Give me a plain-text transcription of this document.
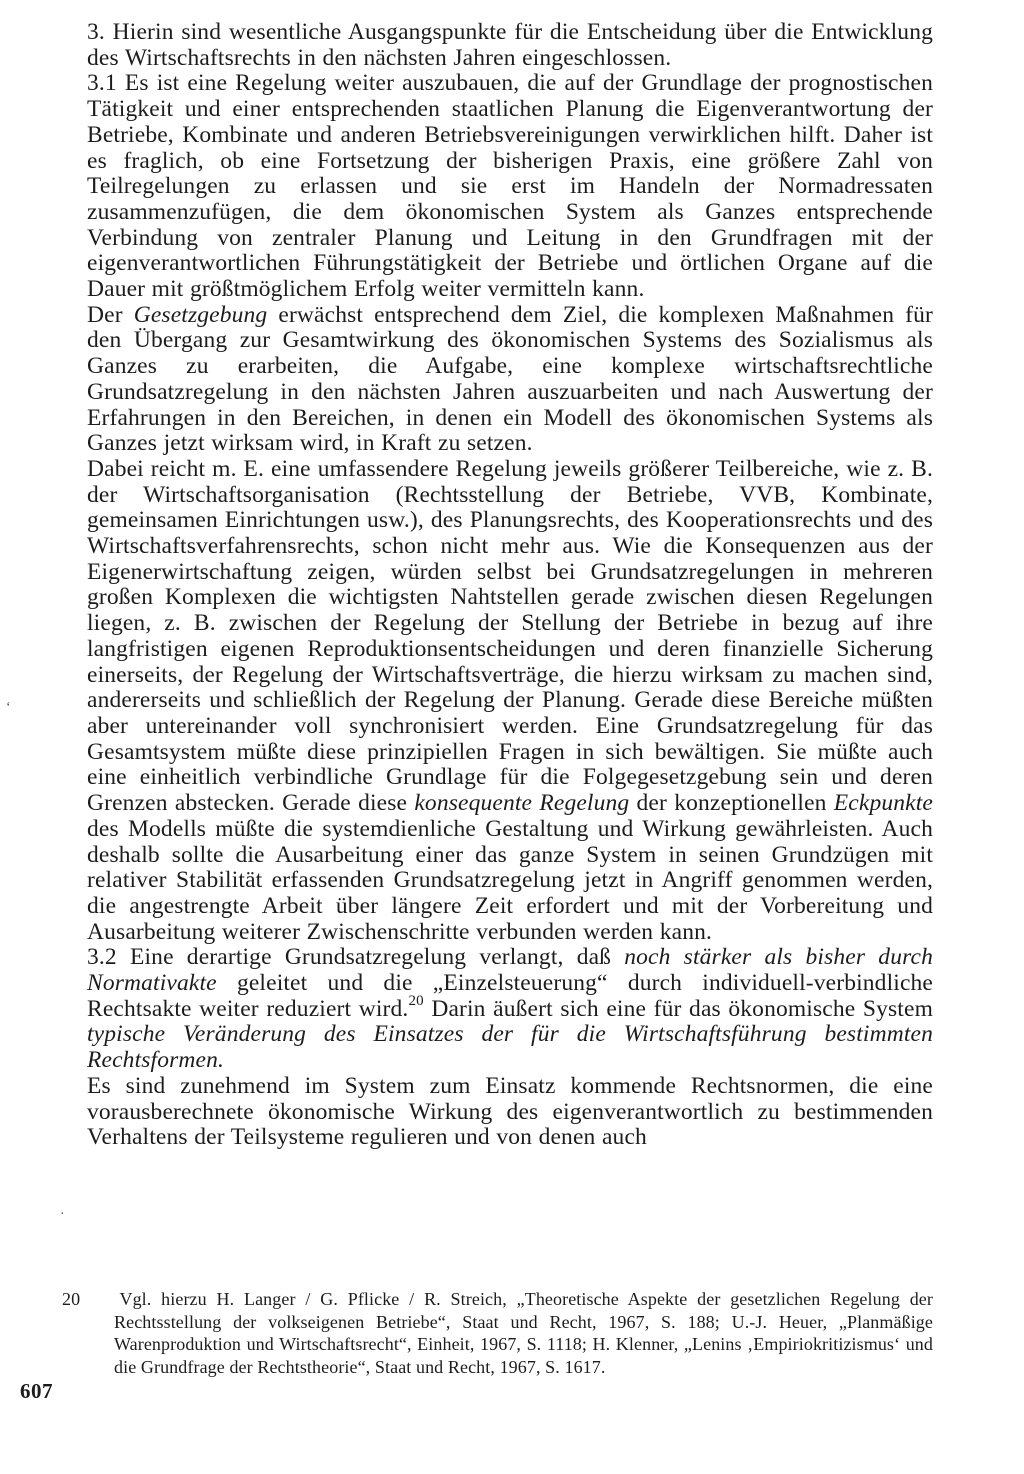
3. Hierin sind wesentliche Ausgangspunkte für die Entscheidung über die Entwicklung des Wirtschaftsrechts in den nächsten Jahren eingeschlossen.

3.1 Es ist eine Regelung weiter auszubauen, die auf der Grundlage der prognostischen Tätigkeit und einer entsprechenden staatlichen Planung die Eigenverantwortung der Betriebe, Kombinate und anderen Betriebsvereinigungen verwirklichen hilft. Daher ist es fraglich, ob eine Fortsetzung der bisherigen Praxis, eine größere Zahl von Teilregelungen zu erlassen und sie erst im Handeln der Normadressaten zusammenzufügen, die dem ökonomischen System als Ganzes entsprechende Verbindung von zentraler Planung und Leitung in den Grundfragen mit der eigenverantwortlichen Führungstätigkeit der Betriebe und örtlichen Organe auf die Dauer mit größtmöglichem Erfolg weiter vermitteln kann.

Der Gesetzgebung erwächst entsprechend dem Ziel, die komplexen Maßnahmen für den Übergang zur Gesamtwirkung des ökonomischen Systems des Sozialismus als Ganzes zu erarbeiten, die Aufgabe, eine komplexe wirtschaftsrechtliche Grundsatzregelung in den nächsten Jahren auszuarbeiten und nach Auswertung der Erfahrungen in den Bereichen, in denen ein Modell des ökonomischen Systems als Ganzes jetzt wirksam wird, in Kraft zu setzen.

Dabei reicht m. E. eine umfassendere Regelung jeweils größerer Teilbereiche, wie z. B. der Wirtschaftsorganisation (Rechtsstellung der Betriebe, VVB, Kombinate, gemeinsamen Einrichtungen usw.), des Planungsrechts, des Kooperationsrechts und des Wirtschaftsverfahrensrechts, schon nicht mehr aus. Wie die Konsequenzen aus der Eigenerwirtschaftung zeigen, würden selbst bei Grundsatzregelungen in mehreren großen Komplexen die wichtigsten Nahtstellen gerade zwischen diesen Regelungen liegen, z. B. zwischen der Regelung der Stellung der Betriebe in bezug auf ihre langfristigen eigenen Reproduktionsentscheidungen und deren finanzielle Sicherung einerseits, der Regelung der Wirtschaftsverträge, die hierzu wirksam zu machen sind, andererseits und schließlich der Regelung der Planung. Gerade diese Bereiche müßten aber untereinander voll synchronisiert werden. Eine Grundsatzregelung für das Gesamtsystem müßte diese prinzipiellen Fragen in sich bewältigen. Sie müßte auch eine einheitlich verbindliche Grundlage für die Folgegesetzgebung sein und deren Grenzen abstecken. Gerade diese konsequente Regelung der konzeptionellen Eckpunkte des Modells müßte die systemdienliche Gestaltung und Wirkung gewährleisten. Auch deshalb sollte die Ausarbeitung einer das ganze System in seinen Grundzügen mit relativer Stabilität erfassenden Grundsatzregelung jetzt in Angriff genommen werden, die angestrengte Arbeit über längere Zeit erfordert und mit der Vorbereitung und Ausarbeitung weiterer Zwischenschritte verbunden werden kann.

3.2 Eine derartige Grundsatzregelung verlangt, daß noch stärker als bisher durch Normativakte geleitet und die „Einzelsteuerung“ durch individuell-verbindliche Rechtsakte weiter reduziert wird.$^{20}$ Darin äußert sich eine für das ökonomische System typische Veränderung des Einsatzes der für die Wirtschaftsführung bestimmten Rechtsformen.

Es sind zunehmend im System zum Einsatz kommende Rechtsnormen, die eine vorausberechnete ökonomische Wirkung des eigenverantwortlich zu bestimmenden Verhaltens der Teilsysteme regulieren und von denen auch

20 Vgl. hierzu H. Langer / G. Pflicke / R. Streich, „Theoretische Aspekte der gesetzlichen Regelung der Rechtsstellung der volkseigenen Betriebe“, Staat und Recht, 1967, S. 188; U.-J. Heuer, „Planmäßige Warenproduktion und Wirtschaftsrecht“, Einheit, 1967, S. 1118; H. Klenner, „Lenins ‚Empiriokritizismus‘ und die Grundfrage der Rechtstheorie“, Staat und Recht, 1967, S. 1617.
607
‘
·
